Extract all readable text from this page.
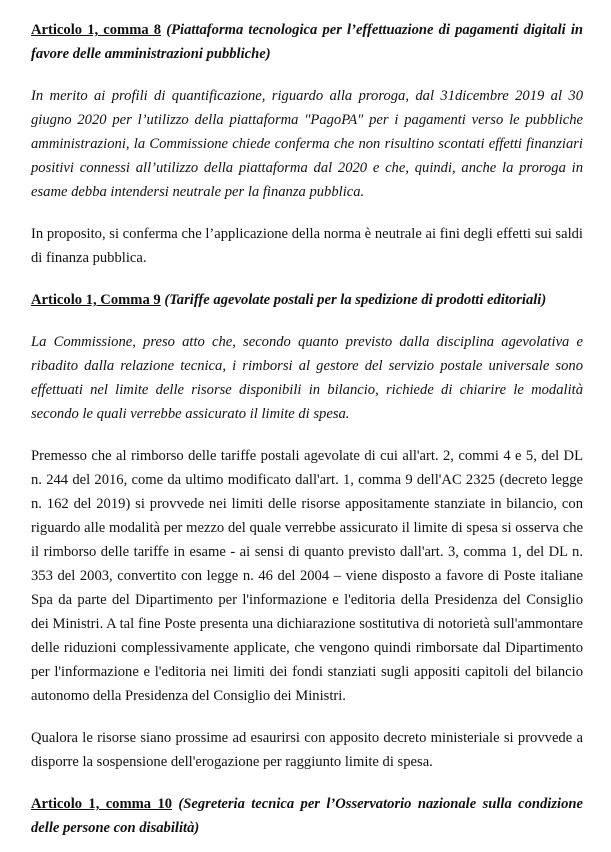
Articolo 1, comma 8 (Piattaforma tecnologica per l’effettuazione di pagamenti digitali in favore delle amministrazioni pubbliche)

In merito ai profili di quantificazione, riguardo alla proroga, dal 31dicembre 2019 al 30 giugno 2020 per l’utilizzo della piattaforma "PagoPA" per i pagamenti verso le pubbliche amministrazioni, la Commissione chiede conferma che non risultino scontati effetti finanziari positivi connessi all’utilizzo della piattaforma dal 2020 e che, quindi, anche la proroga in esame debba intendersi neutrale per la finanza pubblica.

In proposito, si conferma che l’applicazione della norma è neutrale ai fini degli effetti sui saldi di finanza pubblica.

Articolo 1, Comma 9 (Tariffe agevolate postali per la spedizione di prodotti editoriali)

La Commissione, preso atto che, secondo quanto previsto dalla disciplina agevolativa e ribadito dalla relazione tecnica, i rimborsi al gestore del servizio postale universale sono effettuati nel limite delle risorse disponibili in bilancio, richiede di chiarire le modalità secondo le quali verrebbe assicurato il limite di spesa.

Premesso che al rimborso delle tariffe postali agevolate di cui all'art. 2, commi 4 e 5, del DL n. 244 del 2016, come da ultimo modificato dall'art. 1, comma 9 dell'AC 2325 (decreto legge n. 162 del 2019) si provvede nei limiti delle risorse appositamente stanziate in bilancio, con riguardo alle modalità per mezzo del quale verrebbe assicurato il limite di spesa si osserva che il rimborso delle tariffe in esame - ai sensi di quanto previsto dall'art. 3, comma 1, del DL n. 353 del 2003, convertito con legge n. 46 del 2004 – viene disposto a favore di Poste italiane Spa da parte del Dipartimento per l'informazione e l'editoria della Presidenza del Consiglio dei Ministri. A tal fine Poste presenta una dichiarazione sostitutiva di notorietà sull'ammontare delle riduzioni complessivamente applicate, che vengono quindi rimborsate dal Dipartimento per l'informazione e l'editoria nei limiti dei fondi stanziati sugli appositi capitoli del bilancio autonomo della Presidenza del Consiglio dei Ministri.

Qualora le risorse siano prossime ad esaurirsi con apposito decreto ministeriale si provvede a disporre la sospensione dell'erogazione per raggiunto limite di spesa.

Articolo 1, comma 10 (Segreteria tecnica per l’Osservatorio nazionale sulla condizione delle persone con disabilità)
